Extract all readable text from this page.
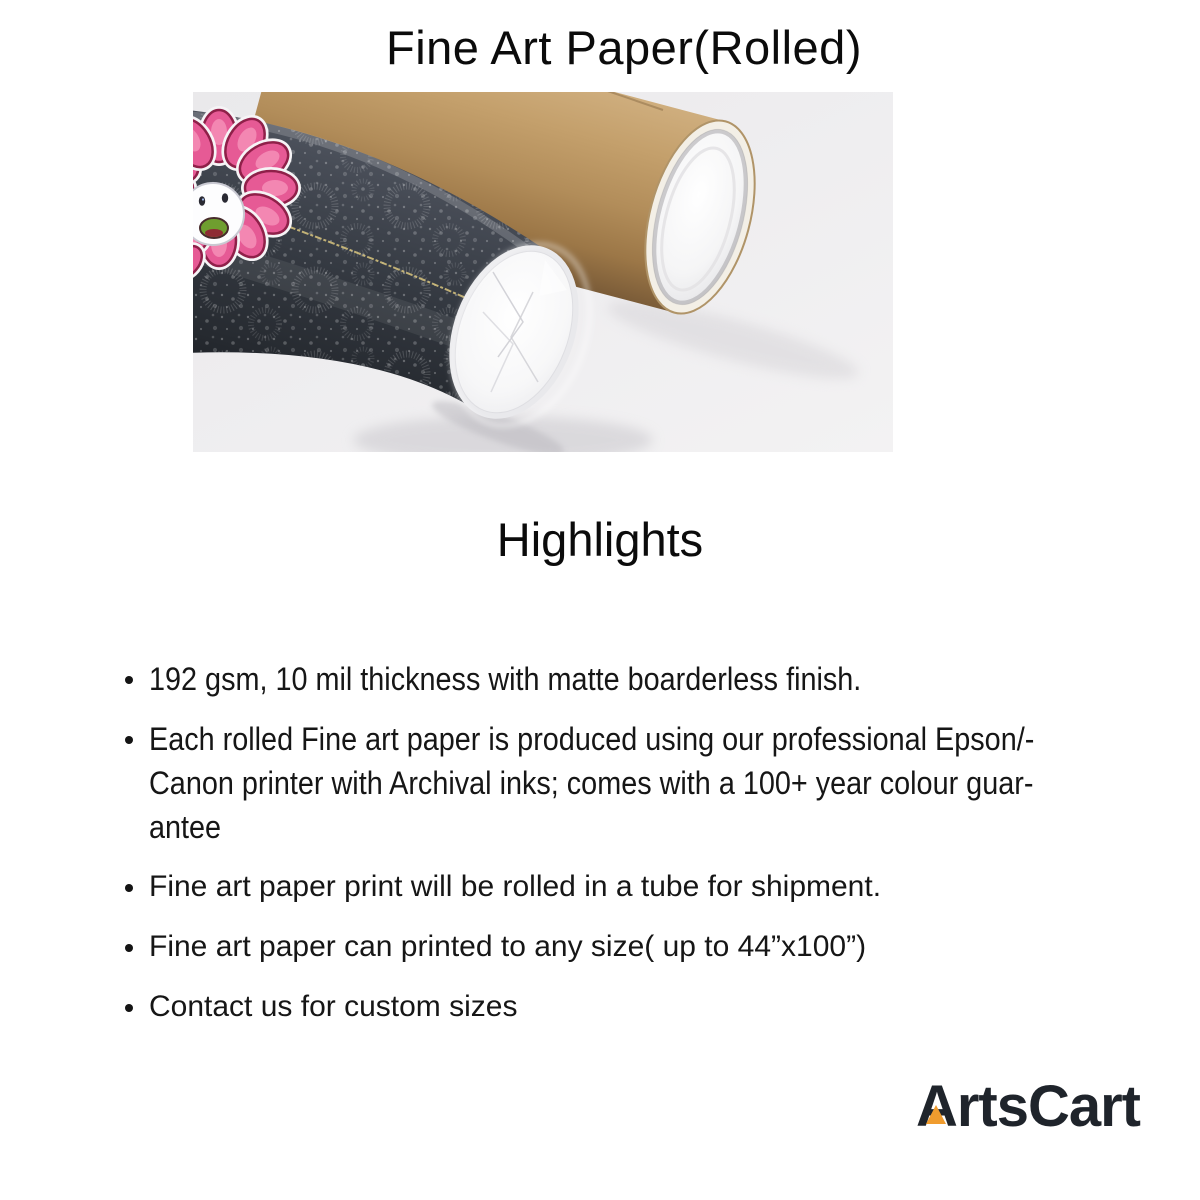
Fine Art Paper(Rolled)
Highlights
192 gsm, 10 mil thickness with matte boarderless finish.
Each rolled Fine art paper is produced using our professional Epson/-
Canon printer with Archival inks; comes with a 100+ year colour guar-
antee
Fine art paper print will be rolled in a tube for shipment.
Fine art paper can printed to any size( up to 44”x100”)
Contact us for custom sizes
A
rtsCart
